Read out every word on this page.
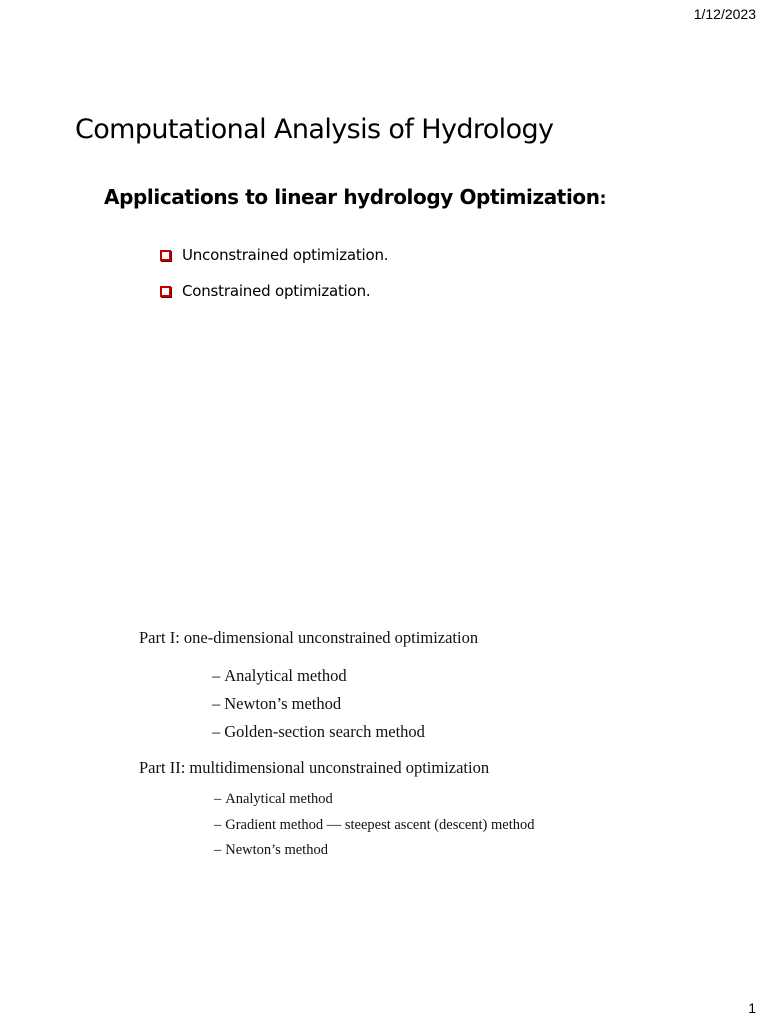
1/12/2023
Computational Analysis of Hydrology
Applications to linear hydrology Optimization:
Unconstrained optimization.
Constrained optimization.
Part I: one-dimensional unconstrained optimization
– Analytical method
– Newton’s method
– Golden-section search method
Part II: multidimensional unconstrained optimization
– Analytical method
– Gradient method — steepest ascent (descent) method
– Newton’s method
1
